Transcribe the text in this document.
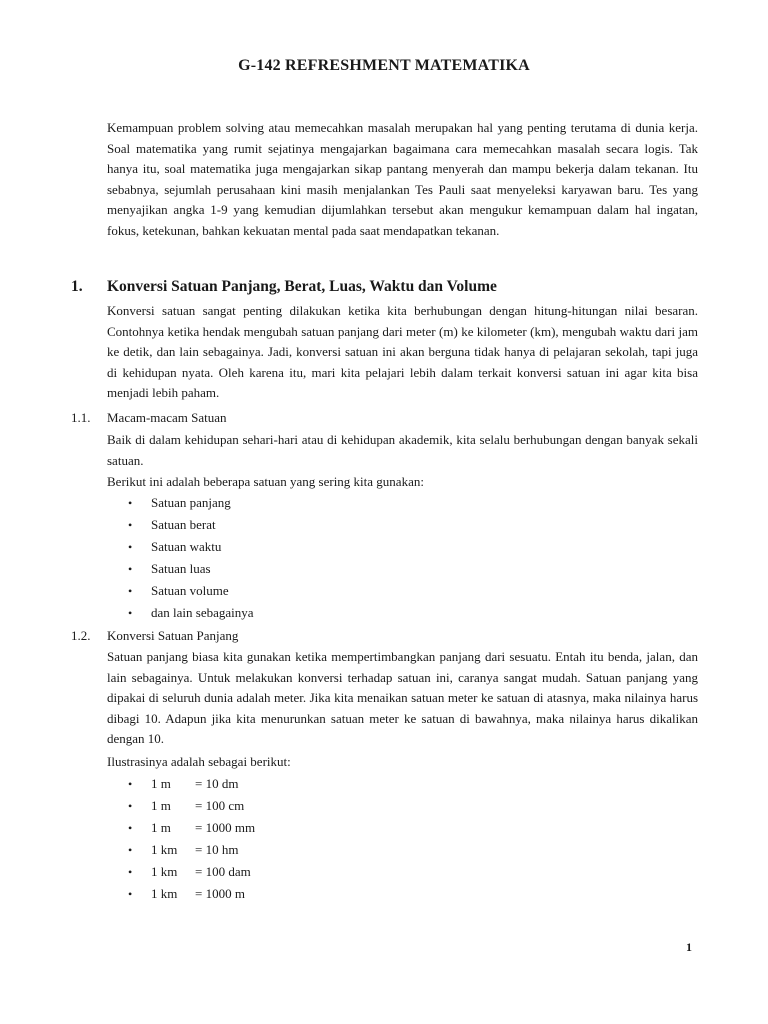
G-142 REFRESHMENT MATEMATIKA

Kemampuan problem solving atau memecahkan masalah merupakan hal yang penting terutama di dunia kerja. Soal matematika yang rumit sejatinya mengajarkan bagaimana cara memecahkan masalah secara logis. Tak hanya itu, soal matematika juga mengajarkan sikap pantang menyerah dan mampu bekerja dalam tekanan. Itu sebabnya, sejumlah perusahaan kini masih menjalankan Tes Pauli saat menyeleksi karyawan baru. Tes yang menyajikan angka 1-9 yang kemudian dijumlahkan tersebut akan mengukur kemampuan dalam hal ingatan, fokus, ketekunan, bahkan kekuatan mental pada saat mendapatkan tekanan.

1. Konversi Satuan Panjang, Berat, Luas, Waktu dan Volume

Konversi satuan sangat penting dilakukan ketika kita berhubungan dengan hitung-hitungan nilai besaran. Contohnya ketika hendak mengubah satuan panjang dari meter (m) ke kilometer (km), mengubah waktu dari jam ke detik, dan lain sebagainya. Jadi, konversi satuan ini akan berguna tidak hanya di pelajaran sekolah, tapi juga di kehidupan nyata. Oleh karena itu, mari kita pelajari lebih dalam terkait konversi satuan ini agar kita bisa menjadi lebih paham.

1.1. Macam-macam Satuan

Baik di dalam kehidupan sehari-hari atau di kehidupan akademik, kita selalu berhubungan dengan banyak sekali satuan.

Berikut ini adalah beberapa satuan yang sering kita gunakan:
• Satuan panjang
• Satuan berat
• Satuan waktu
• Satuan luas
• Satuan volume
• dan lain sebagainya
1.2. Konversi Satuan Panjang

Satuan panjang biasa kita gunakan ketika mempertimbangkan panjang dari sesuatu. Entah itu benda, jalan, dan lain sebagainya. Untuk melakukan konversi terhadap satuan ini, caranya sangat mudah. Satuan panjang yang dipakai di seluruh dunia adalah meter. Jika kita menaikan satuan meter ke satuan di atasnya, maka nilainya harus dibagi 10. Adapun jika kita menurunkan satuan meter ke satuan di bawahnya, maka nilainya harus dikalikan dengan 10.

Ilustrasinya adalah sebagai berikut:
• 1 m = 10 dm
• 1 m = 100 cm
• 1 m = 1000 mm
• 1 km = 10 hm
• 1 km = 100 dam
• 1 km = 1000 m
1
